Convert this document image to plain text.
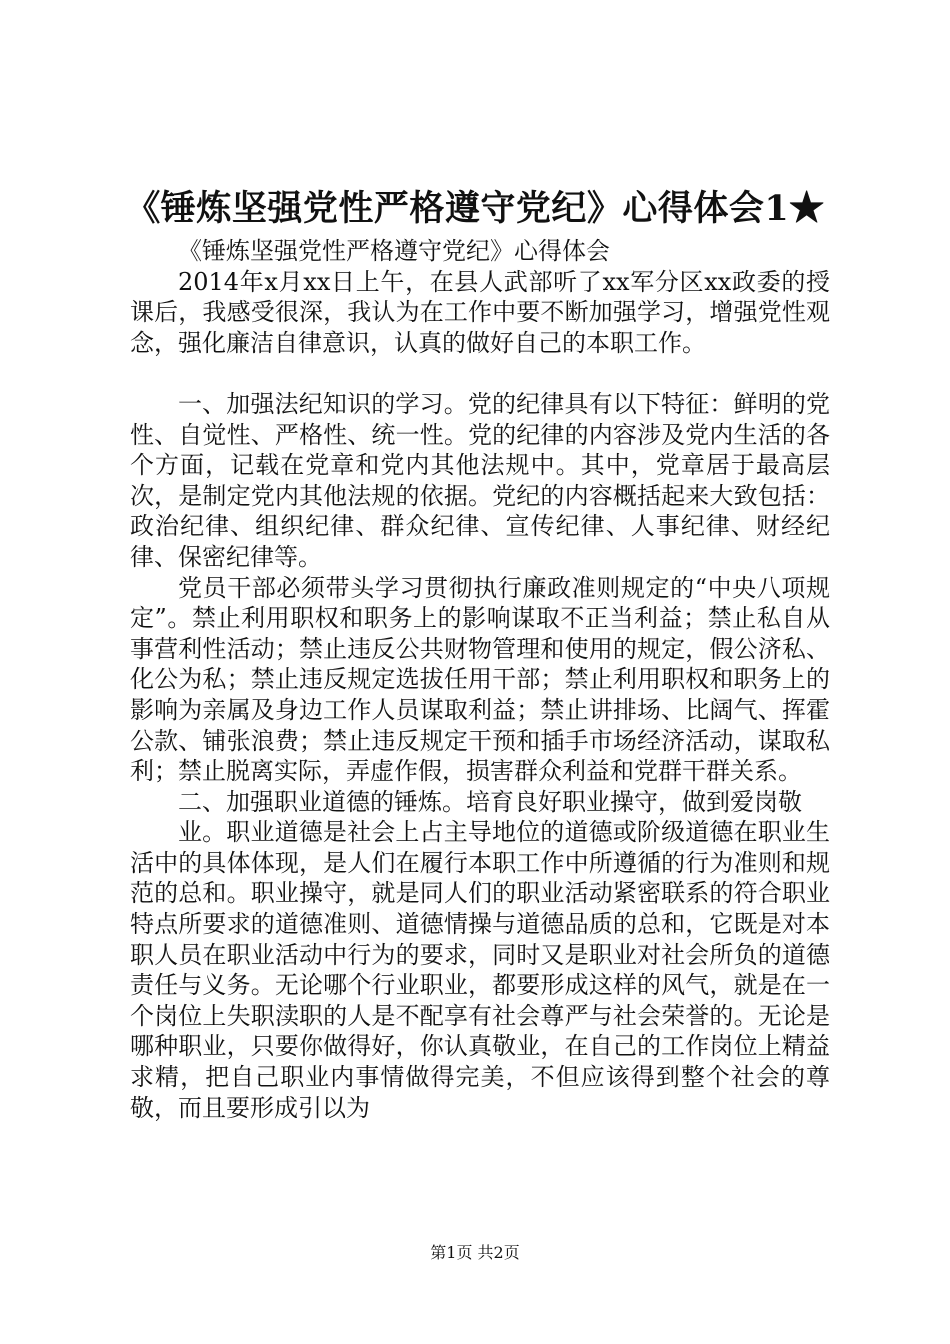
《锤炼坚强党性严格遵守党纪》心得体会1★

《锤炼坚强党性严格遵守党纪》心得体会

2014年x月xx日上午，在县人武部听了xx军分区xx政委的授课后，我感受很深，我认为在工作中要不断加强学习，增强党性观念，强化廉洁自律意识，认真的做好自己的本职工作。

一、加强法纪知识的学习。党的纪律具有以下特征：鲜明的党性、自觉性、严格性、统一性。党的纪律的内容涉及党内生活的各个方面，记载在党章和党内其他法规中。其中，党章居于最高层次，是制定党内其他法规的依据。党纪的内容概括起来大致包括：政治纪律、组织纪律、群众纪律、宣传纪律、人事纪律、财经纪律、保密纪律等。

党员干部必须带头学习贯彻执行廉政准则规定的“中央八项规定”。禁止利用职权和职务上的影响谋取不正当利益；禁止私自从事营利性活动；禁止违反公共财物管理和使用的规定，假公济私、化公为私；禁止违反规定选拔任用干部；禁止利用职权和职务上的影响为亲属及身边工作人员谋取利益；禁止讲排场、比阔气、挥霍公款、铺张浪费；禁止违反规定干预和插手市场经济活动，谋取私利；禁止脱离实际，弄虚作假，损害群众利益和党群干群关系。

二、加强职业道德的锤炼。培育良好职业操守，做到爱岗敬

业。职业道德是社会上占主导地位的道德或阶级道德在职业生活中的具体体现，是人们在履行本职工作中所遵循的行为准则和规范的总和。职业操守，就是同人们的职业活动紧密联系的符合职业特点所要求的道德准则、道德情操与道德品质的总和，它既是对本职人员在职业活动中行为的要求，同时又是职业对社会所负的道德责任与义务。无论哪个行业职业，都要形成这样的风气，就是在一个岗位上失职渎职的人是不配享有社会尊严与社会荣誉的。无论是哪种职业，只要你做得好，你认真敬业，在自己的工作岗位上精益求精，把自己职业内事情做得完美，不但应该得到整个社会的尊敬，而且要形成引以为

第1页 共2页
